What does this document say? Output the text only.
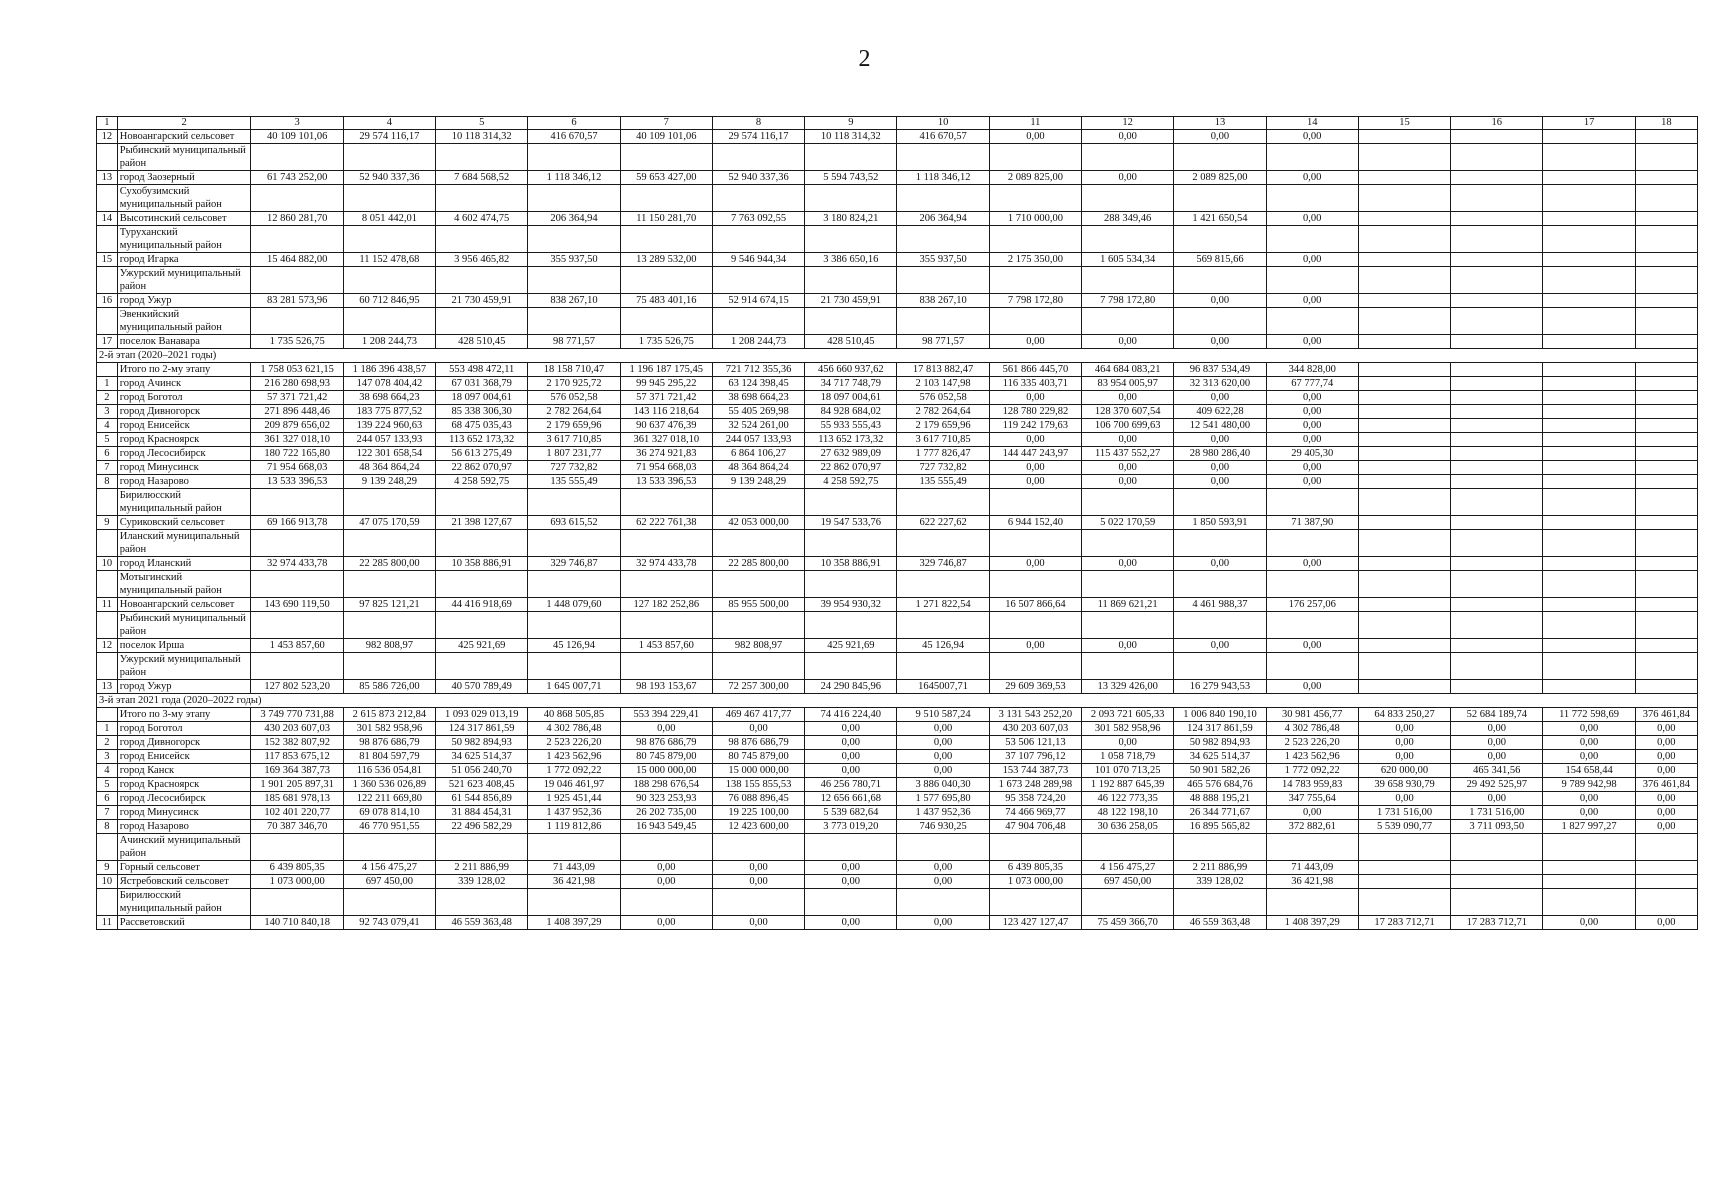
2
1	2	3	4	5	6	7	8	9	10	11	12	13	14	15	16	17	18
12	Новоангарский сельсовет	40 109 101,06	29 574 116,17	10 118 314,32	416 670,57	40 109 101,06	29 574 116,17	10 118 314,32	416 670,57	0,00	0,00	0,00	0,00				
	Рыбинский муниципальный район																
13	город Заозерный	61 743 252,00	52 940 337,36	7 684 568,52	1 118 346,12	59 653 427,00	52 940 337,36	5 594 743,52	1 118 346,12	2 089 825,00	0,00	2 089 825,00	0,00				
	Сухобузимский муниципальный район																
14	Высотинский сельсовет	12 860 281,70	8 051 442,01	4 602 474,75	206 364,94	11 150 281,70	7 763 092,55	3 180 824,21	206 364,94	1 710 000,00	288 349,46	1 421 650,54	0,00				
	Туруханский муниципальный район																
15	город Игарка	15 464 882,00	11 152 478,68	3 956 465,82	355 937,50	13 289 532,00	9 546 944,34	3 386 650,16	355 937,50	2 175 350,00	1 605 534,34	569 815,66	0,00				
	Ужурский муниципальный район																
16	город Ужур	83 281 573,96	60 712 846,95	21 730 459,91	838 267,10	75 483 401,16	52 914 674,15	21 730 459,91	838 267,10	7 798 172,80	7 798 172,80	0,00	0,00				
	Эвенкийский муниципальный район																
17	поселок Ванавара	1 735 526,75	1 208 244,73	428 510,45	98 771,57	1 735 526,75	1 208 244,73	428 510,45	98 771,57	0,00	0,00	0,00	0,00				
2-й этап (2020–2021 годы)																	
	Итого по 2-му этапу	1 758 053 621,15	1 186 396 438,57	553 498 472,11	18 158 710,47	1 196 187 175,45	721 712 355,36	456 660 937,62	17 813 882,47	561 866 445,70	464 684 083,21	96 837 534,49	344 828,00				
1	город Ачинск	216 280 698,93	147 078 404,42	67 031 368,79	2 170 925,72	99 945 295,22	63 124 398,45	34 717 748,79	2 103 147,98	116 335 403,71	83 954 005,97	32 313 620,00	67 777,74				
2	город Боготол	57 371 721,42	38 698 664,23	18 097 004,61	576 052,58	57 371 721,42	38 698 664,23	18 097 004,61	576 052,58	0,00	0,00	0,00	0,00				
3	город Дивногорск	271 896 448,46	183 775 877,52	85 338 306,30	2 782 264,64	143 116 218,64	55 405 269,98	84 928 684,02	2 782 264,64	128 780 229,82	128 370 607,54	409 622,28	0,00				
4	город Енисейск	209 879 656,02	139 224 960,63	68 475 035,43	2 179 659,96	90 637 476,39	32 524 261,00	55 933 555,43	2 179 659,96	119 242 179,63	106 700 699,63	12 541 480,00	0,00				
5	город Красноярск	361 327 018,10	244 057 133,93	113 652 173,32	3 617 710,85	361 327 018,10	244 057 133,93	113 652 173,32	3 617 710,85	0,00	0,00	0,00	0,00				
6	город Лесосибирск	180 722 165,80	122 301 658,54	56 613 275,49	1 807 231,77	36 274 921,83	6 864 106,27	27 632 989,09	1 777 826,47	144 447 243,97	115 437 552,27	28 980 286,40	29 405,30				
7	город Минусинск	71 954 668,03	48 364 864,24	22 862 070,97	727 732,82	71 954 668,03	48 364 864,24	22 862 070,97	727 732,82	0,00	0,00	0,00	0,00				
8	город Назарово	13 533 396,53	9 139 248,29	4 258 592,75	135 555,49	13 533 396,53	9 139 248,29	4 258 592,75	135 555,49	0,00	0,00	0,00	0,00				
	Бирилюсский муниципальный район																
9	Суриковский сельсовет	69 166 913,78	47 075 170,59	21 398 127,67	693 615,52	62 222 761,38	42 053 000,00	19 547 533,76	622 227,62	6 944 152,40	5 022 170,59	1 850 593,91	71 387,90				
	Иланский муниципальный район																
10	город Иланский	32 974 433,78	22 285 800,00	10 358 886,91	329 746,87	32 974 433,78	22 285 800,00	10 358 886,91	329 746,87	0,00	0,00	0,00	0,00				
	Мотыгинский муниципальный район																
11	Новоангарский сельсовет	143 690 119,50	97 825 121,21	44 416 918,69	1 448 079,60	127 182 252,86	85 955 500,00	39 954 930,32	1 271 822,54	16 507 866,64	11 869 621,21	4 461 988,37	176 257,06				
	Рыбинский муниципальный район																
12	поселок Ирша	1 453 857,60	982 808,97	425 921,69	45 126,94	1 453 857,60	982 808,97	425 921,69	45 126,94	0,00	0,00	0,00	0,00				
	Ужурский муниципальный район																
13	город Ужур	127 802 523,20	85 586 726,00	40 570 789,49	1 645 007,71	98 193 153,67	72 257 300,00	24 290 845,96	1645007,71	29 609 369,53	13 329 426,00	16 279 943,53	0,00				
3-й этап 2021 года (2020–2022 годы)																	
	Итого по 3-му этапу	3 749 770 731,88	2 615 873 212,84	1 093 029 013,19	40 868 505,85	553 394 229,41	469 467 417,77	74 416 224,40	9 510 587,24	3 131 543 252,20	2 093 721 605,33	1 006 840 190,10	30 981 456,77	64 833 250,27	52 684 189,74	11 772 598,69	376 461,84
1	город Боготол	430 203 607,03	301 582 958,96	124 317 861,59	4 302 786,48	0,00	0,00	0,00	0,00	430 203 607,03	301 582 958,96	124 317 861,59	4 302 786,48	0,00	0,00	0,00	0,00
2	город Дивногорск	152 382 807,92	98 876 686,79	50 982 894,93	2 523 226,20	98 876 686,79	98 876 686,79	0,00	0,00	53 506 121,13	0,00	50 982 894,93	2 523 226,20	0,00	0,00	0,00	0,00
3	город Енисейск	117 853 675,12	81 804 597,79	34 625 514,37	1 423 562,96	80 745 879,00	80 745 879,00	0,00	0,00	37 107 796,12	1 058 718,79	34 625 514,37	1 423 562,96	0,00	0,00	0,00	0,00
4	город Канск	169 364 387,73	116 536 054,81	51 056 240,70	1 772 092,22	15 000 000,00	15 000 000,00	0,00	0,00	153 744 387,73	101 070 713,25	50 901 582,26	1 772 092,22	620 000,00	465 341,56	154 658,44	0,00
5	город Красноярск	1 901 205 897,31	1 360 536 026,89	521 623 408,45	19 046 461,97	188 298 676,54	138 155 855,53	46 256 780,71	3 886 040,30	1 673 248 289,98	1 192 887 645,39	465 576 684,76	14 783 959,83	39 658 930,79	29 492 525,97	9 789 942,98	376 461,84
6	город Лесосибирск	185 681 978,13	122 211 669,80	61 544 856,89	1 925 451,44	90 323 253,93	76 088 896,45	12 656 661,68	1 577 695,80	95 358 724,20	46 122 773,35	48 888 195,21	347 755,64	0,00	0,00	0,00	0,00
7	город Минусинск	102 401 220,77	69 078 814,10	31 884 454,31	1 437 952,36	26 202 735,00	19 225 100,00	5 539 682,64	1 437 952,36	74 466 969,77	48 122 198,10	26 344 771,67	0,00	1 731 516,00	1 731 516,00	0,00	0,00
8	город Назарово	70 387 346,70	46 770 951,55	22 496 582,29	1 119 812,86	16 943 549,45	12 423 600,00	3 773 019,20	746 930,25	47 904 706,48	30 636 258,05	16 895 565,82	372 882,61	5 539 090,77	3 711 093,50	1 827 997,27	0,00
	Ачинский муниципальный район																
9	Горный сельсовет	6 439 805,35	4 156 475,27	2 211 886,99	71 443,09	0,00	0,00	0,00	0,00	6 439 805,35	4 156 475,27	2 211 886,99	71 443,09				
10	Ястребовский сельсовет	1 073 000,00	697 450,00	339 128,02	36 421,98	0,00	0,00	0,00	0,00	1 073 000,00	697 450,00	339 128,02	36 421,98				
	Бирилюсский муниципальный район																
11	Рассветовский	140 710 840,18	92 743 079,41	46 559 363,48	1 408 397,29	0,00	0,00	0,00	0,00	123 427 127,47	75 459 366,70	46 559 363,48	1 408 397,29	17 283 712,71	17 283 712,71	0,00	0,00
